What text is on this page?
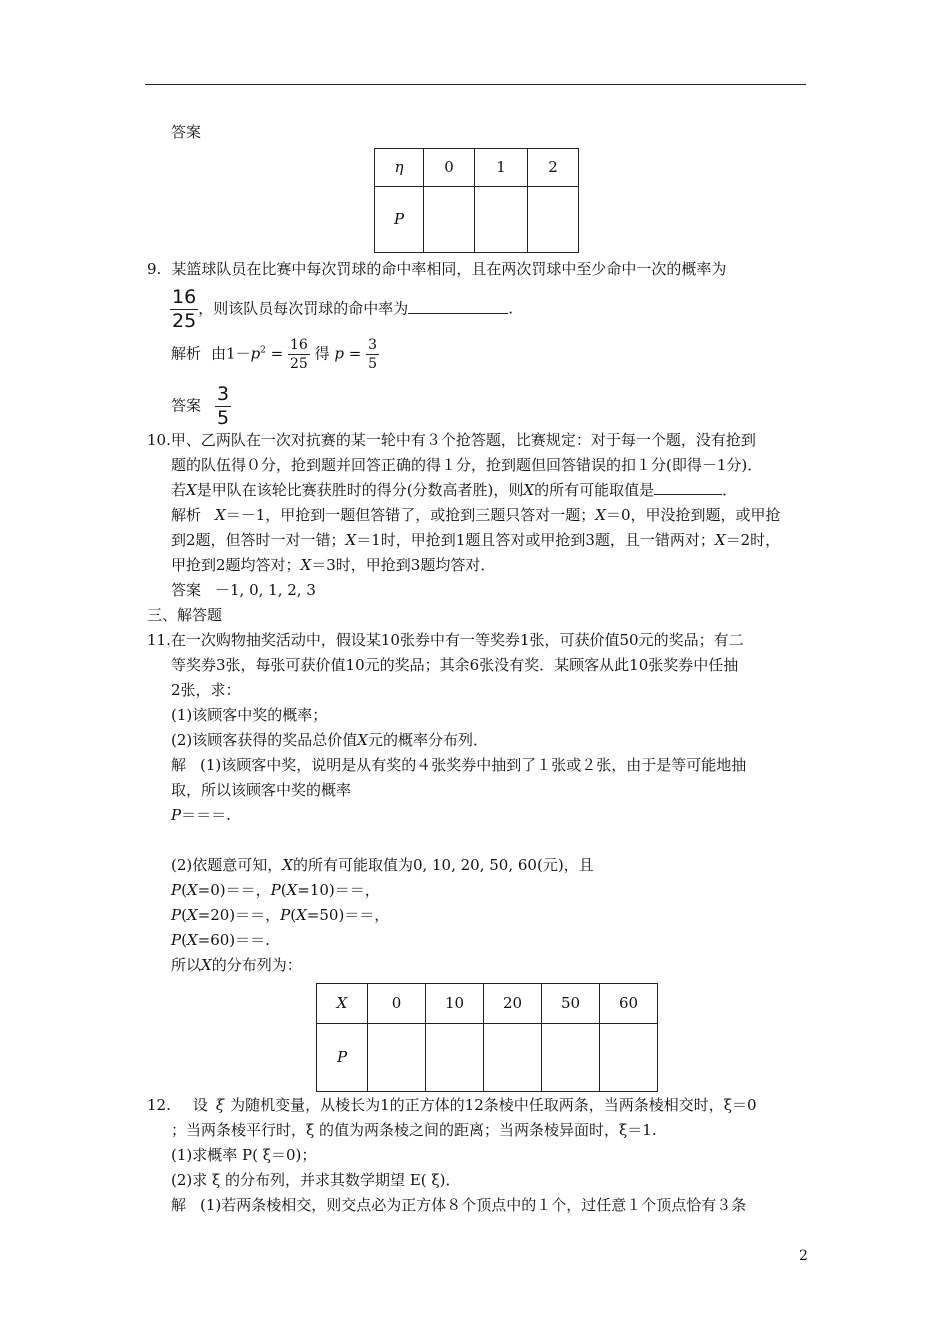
答案
η	0	1	2
P			
9. 某篮球队员在比赛中每次罚球的命中率相同，且在两次罚球中至少命中一次的概率为
$\frac{16}{25}$ ，则该队员每次罚球的命中率为	.
解析 由$1-p^2 = \frac{16}{25}$ 得 $p = \frac{3}{5}$
答案 $\frac{3}{5}$
10.甲、乙两队在一次对抗赛的某一轮中有３个抢答题，比赛规定：对于每一个题，没有抢到
题的队伍得０分，抢到题并回答正确的得１分，抢到题但回答错误的扣１分(即得－1分)．
若X是甲队在该轮比赛获胜时的得分(分数高者胜)，则X的所有可能取值是	．
解析 X＝－1，甲抢到一题但答错了，或抢到三题只答对一题；X＝0，甲没抢到题，或甲抢
到2题，但答时一对一错；X＝1时，甲抢到1题且答对或甲抢到3题，且一错两对；X＝2时，
甲抢到2题均答对；X＝3时，甲抢到3题均答对．
答案 －1, 0, 1, 2, 3
三、解答题
11.在一次购物抽奖活动中，假设某10张券中有一等奖券1张，可获价值50元的奖品；有二
等奖券3张，每张可获价值10元的奖品；其余6张没有奖．某顾客从此10张奖券中任抽
2张，求：
(1)该顾客中奖的概率；
(2)该顾客获得的奖品总价值X元的概率分布列．
解 (1)该顾客中奖，说明是从有奖的４张奖券中抽到了１张或２张，由于是等可能地抽
取，所以该顾客中奖的概率
P＝＝＝.
(2)依题意可知，X的所有可能取值为0, 10, 20, 50, 60(元)，且
P(X=0)＝＝，P(X=10)＝＝，
P(X=20)＝＝，P(X=50)＝＝，
P(X=60)＝＝.
所以X的分布列为：
X	0	10	20	50	60
P					
12. 设 ξ 为随机变量，从棱长为1的正方体的12条棱中任取两条，当两条棱相交时，ξ＝0
；当两条棱平行时，ξ 的值为两条棱之间的距离；当两条棱异面时，ξ＝1.
(1)求概率 P( ξ＝0)；
(2)求 ξ 的分布列，并求其数学期望 E( ξ)．
解 (1)若两条棱相交，则交点必为正方体８个顶点中的１个，过任意１个顶点恰有３条
2
